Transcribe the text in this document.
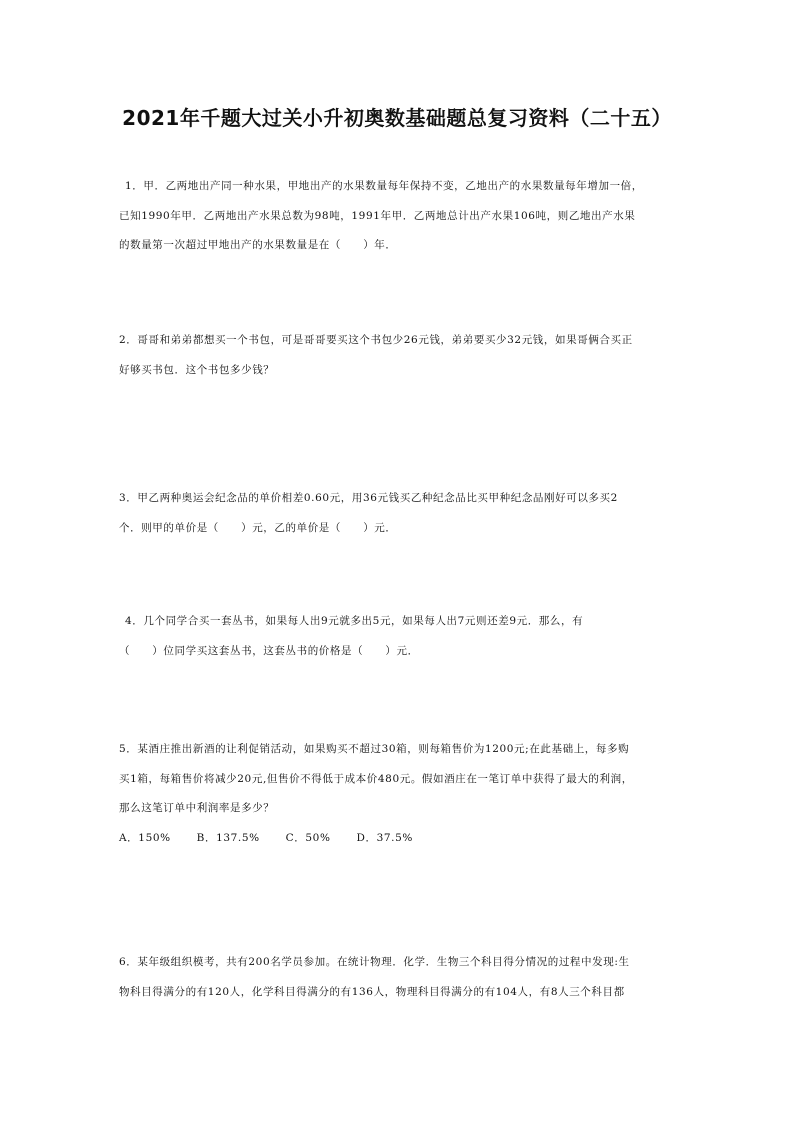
2021年千题大过关小升初奥数基础题总复习资料（二十五）
1．甲．乙两地出产同一种水果，甲地出产的水果数量每年保持不变，乙地出产的水果数量每年增加一倍，
已知1990年甲．乙两地出产水果总数为98吨，1991年甲．乙两地总计出产水果106吨，则乙地出产水果
的数量第一次超过甲地出产的水果数量是在（　　）年．
2．哥哥和弟弟都想买一个书包，可是哥哥要买这个书包少26元钱，弟弟要买少32元钱，如果哥俩合买正
好够买书包．这个书包多少钱？
3．甲乙两种奥运会纪念品的单价相差0.60元，用36元钱买乙种纪念品比买甲种纪念品刚好可以多买2
个．则甲的单价是（　　）元，乙的单价是（　　）元．
4．几个同学合买一套丛书，如果每人出9元就多出5元，如果每人出7元则还差9元．那么，有
（　　）位同学买这套丛书，这套丛书的价格是（　　）元．
5．某酒庄推出新酒的让利促销活动，如果购买不超过30箱，则每箱售价为1200元;在此基础上，每多购
买1箱，每箱售价将减少20元,但售价不得低于成本价480元。假如酒庄在一笔订单中获得了最大的利润，
那么这笔订单中利润率是多少？
A．150% B．137.5% C．50% D．37.5%
6．某年级组织模考，共有200名学员参加。在统计物理．化学．生物三个科目得分情况的过程中发现:生
物科目得满分的有120人，化学科目得满分的有136人，物理科目得满分的有104人，有8人三个科目都
